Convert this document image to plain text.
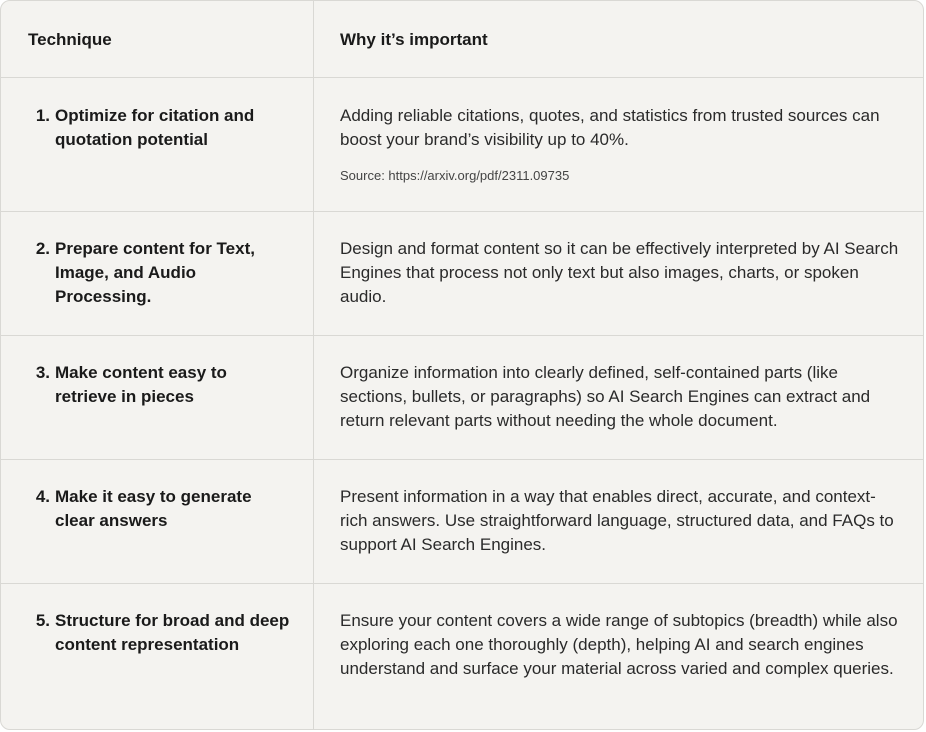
Technique	Why it’s important
1. Optimize for citation and quotation potential
Adding reliable citations, quotes, and statistics from trusted sources can boost your brand’s visibility up to 40%.
Source: https://arxiv.org/pdf/2311.09735
2. Prepare content for Text, Image, and Audio Processing.
Design and format content so it can be effectively interpreted by AI Search Engines that process not only text but also images, charts, or spoken audio.
3. Make content easy to retrieve in pieces
Organize information into clearly defined, self-contained parts (like sections, bullets, or paragraphs) so AI Search Engines can extract and return relevant parts without needing the whole document.
4. Make it easy to generate clear answers
Present information in a way that enables direct, accurate, and context-rich answers. Use straightforward language, structured data, and FAQs to support AI Search Engines.
5. Structure for broad and deep content representation
Ensure your content covers a wide range of subtopics (breadth) while also exploring each one thoroughly (depth), helping AI and search engines understand and surface your material across varied and complex queries.
